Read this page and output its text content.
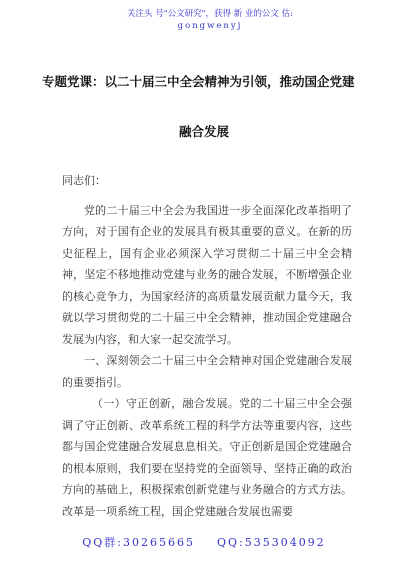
关注头 号"公文研究"，获得 新 业的公文 估:
gongwenyj
专题党课：以二十届三中全会精神为引领，推动国企党建
融合发展

同志们：

党的二十届三中全会为我国进一步全面深化改革指明了方向，对于国有企业的发展具有极其重要的意义。在新的历史征程上，国有企业必须深入学习贯彻二十届三中全会精神，坚定不移地推动党建与业务的融合发展，不断增强企业的核心竞争力，为国家经济的高质量发展贡献力量今天，我就以学习贯彻党的二十届三中全会精神，推动国企党建融合发展为内容，和大家一起交流学习。

一、深刻领会二十届三中全会精神对国企党建融合发展的重要指引。

（一）守正创新，融合发展。党的二十届三中全会强调了守正创新、改革系统工程的科学方法等重要内容，这些都与国企党建融合发展息息相关。守正创新是国企党建融合的根本原则，我们要在坚持党的全面领导、坚持正确的政治方向的基础上，积极探索创新党建与业务融合的方式方法。改革是一项系统工程，国企党建融合发展也需要

QQ群:30265665 QQ:535304092
